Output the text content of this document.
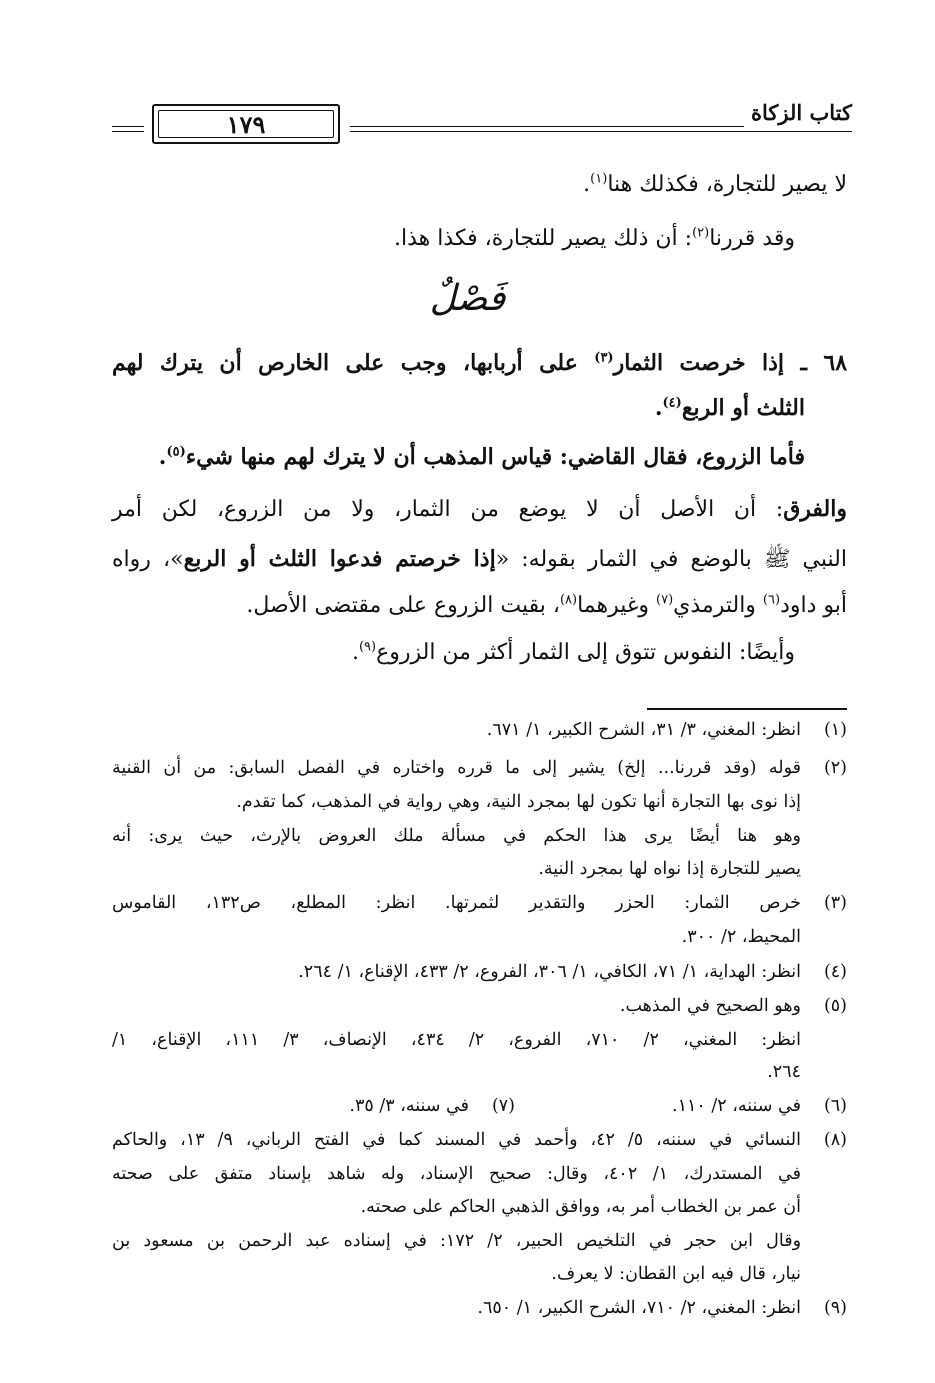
كتاب الزكاة
١٧٩
لا يصير للتجارة، فكذلك هنا$^{(١)}$.
وقد قررنا$^{(٢)}$: أن ذلك يصير للتجارة، فكذا هذا.
فَصْلٌ
٦٨ ـ إذا خرصت الثمار$^{(٣)}$ على أربابها، وجب على الخارص أن يترك لهم
الثلث أو الربع$^{(٤)}$.
فأما الزروع، فقال القاضي: قياس المذهب أن لا يترك لهم منها شيء$^{(٥)}$.
والفرق: أن الأصل أن لا يوضع من الثمار، ولا من الزروع، لكن أمر
النبي ﷺ بالوضع في الثمار بقوله: «إذا خرصتم فدعوا الثلث أو الربع»، رواه
أبو داود$^{(٦)}$ والترمذي$^{(٧)}$ وغيرهما$^{(٨)}$، بقيت الزروع على مقتضى الأصل.
وأيضًا: النفوس تتوق إلى الثمار أكثر من الزروع$^{(٩)}$.
(١)انظر: المغني، ٣/ ٣١، الشرح الكبير، ١/ ٦٧١.
(٢)قوله (وقد قررنا... إلخ) يشير إلى ما قرره واختاره في الفصل السابق: من أن القنية
إذا نوى بها التجارة أنها تكون لها بمجرد النية، وهي رواية في المذهب، كما تقدم.
وهو هنا أيضًا يرى هذا الحكم في مسألة ملك العروض بالإرث، حيث يرى: أنه
يصير للتجارة إذا نواه لها بمجرد النية.
(٣)خرص الثمار: الحزر والتقدير لثمرتها. انظر: المطلع، ص١٣٢، القاموس
المحيط، ٢/ ٣٠٠.
(٤)انظر: الهداية، ١/ ٧١، الكافي، ١/ ٣٠٦، الفروع، ٢/ ٤٣٣، الإقناع، ١/ ٢٦٤.
(٥)وهو الصحيح في المذهب.
انظر: المغني، ٢/ ٧١٠، الفروع، ٢/ ٤٣٤، الإنصاف، ٣/ ١١١، الإقناع، ١/
٢٦٤.
(٦)في سننه، ٢/ ١١٠.
(٧)في سننه، ٣/ ٣٥.
(٨)النسائي في سننه، ٥/ ٤٢، وأحمد في المسند كما في الفتح الرباني، ٩/ ١٣، والحاكم
في المستدرك، ١/ ٤٠٢، وقال: صحيح الإسناد، وله شاهد بإسناد متفق على صحته
أن عمر بن الخطاب أمر به، ووافق الذهبي الحاكم على صحته.
وقال ابن حجر في التلخيص الحبير، ٢/ ١٧٢: في إسناده عبد الرحمن بن مسعود بن
نيار، قال فيه ابن القطان: لا يعرف.
(٩)انظر: المغني، ٢/ ٧١٠، الشرح الكبير، ١/ ٦٥٠.
